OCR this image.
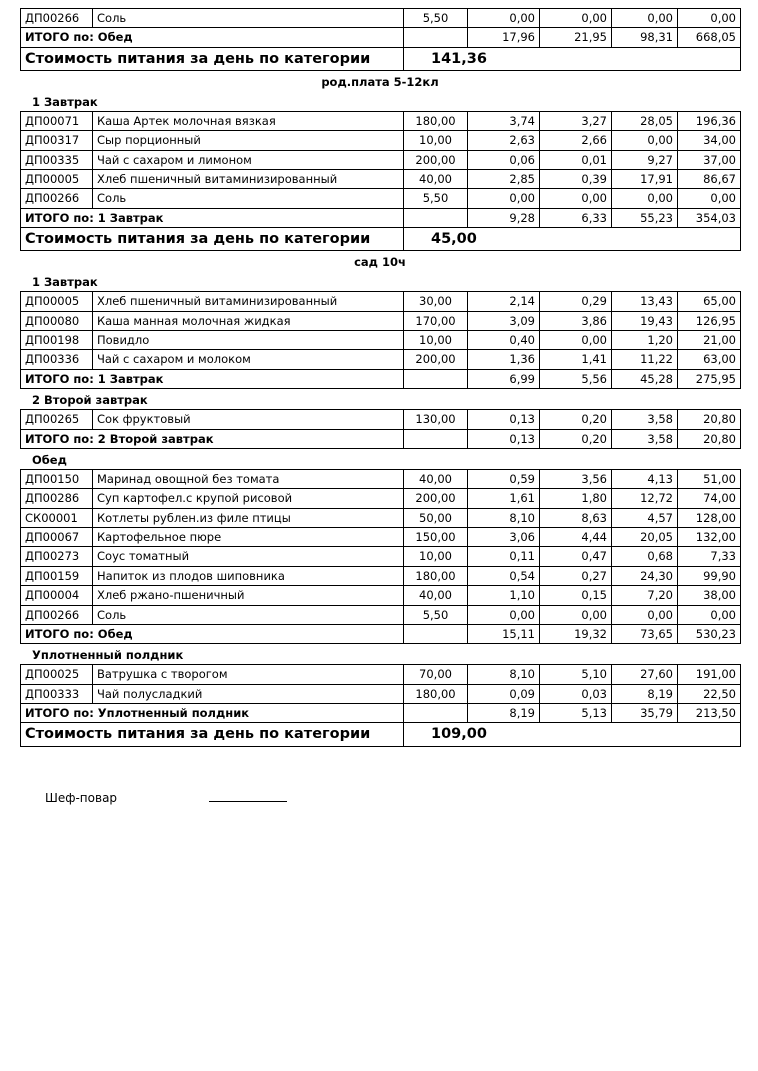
ДП00266	Соль	5,50	0,00	0,00	0,00	0,00
ИТОГО по: Обед			17,96	21,95	98,31	668,05
Стоимость питания за день по категории		141,36				
род.плата 5-12кл
1 Завтрак
ДП00071	Каша Артек молочная вязкая	180,00	3,74	3,27	28,05	196,36
ДП00317	Сыр порционный	10,00	2,63	2,66	0,00	34,00
ДП00335	Чай с сахаром и лимоном	200,00	0,06	0,01	9,27	37,00
ДП00005	Хлеб пшеничный витаминизированный	40,00	2,85	0,39	17,91	86,67
ДП00266	Соль	5,50	0,00	0,00	0,00	0,00
ИТОГО по: 1 Завтрак			9,28	6,33	55,23	354,03
Стоимость питания за день по категории		45,00				
сад 10ч
1 Завтрак
ДП00005	Хлеб пшеничный витаминизированный	30,00	2,14	0,29	13,43	65,00
ДП00080	Каша манная молочная жидкая	170,00	3,09	3,86	19,43	126,95
ДП00198	Повидло	10,00	0,40	0,00	1,20	21,00
ДП00336	Чай с сахаром и молоком	200,00	1,36	1,41	11,22	63,00
ИТОГО по: 1 Завтрак			6,99	5,56	45,28	275,95
2 Второй завтрак
ДП00265	Сок фруктовый	130,00	0,13	0,20	3,58	20,80
ИТОГО по: 2 Второй завтрак			0,13	0,20	3,58	20,80
Обед
ДП00150	Маринад овощной без томата	40,00	0,59	3,56	4,13	51,00
ДП00286	Суп картофел.с крупой рисовой	200,00	1,61	1,80	12,72	74,00
СК00001	Котлеты рублен.из филе птицы	50,00	8,10	8,63	4,57	128,00
ДП00067	Картофельное пюре	150,00	3,06	4,44	20,05	132,00
ДП00273	Соус томатный	10,00	0,11	0,47	0,68	7,33
ДП00159	Напиток из плодов шиповника	180,00	0,54	0,27	24,30	99,90
ДП00004	Хлеб ржано-пшеничный	40,00	1,10	0,15	7,20	38,00
ДП00266	Соль	5,50	0,00	0,00	0,00	0,00
ИТОГО по: Обед			15,11	19,32	73,65	530,23
Уплотненный полдник
ДП00025	Ватрушка с творогом	70,00	8,10	5,10	27,60	191,00
ДП00333	Чай полусладкий	180,00	0,09	0,03	8,19	22,50
ИТОГО по: Уплотненный полдник			8,19	5,13	35,79	213,50
Стоимость питания за день по категории		109,00				
Шеф-повар
